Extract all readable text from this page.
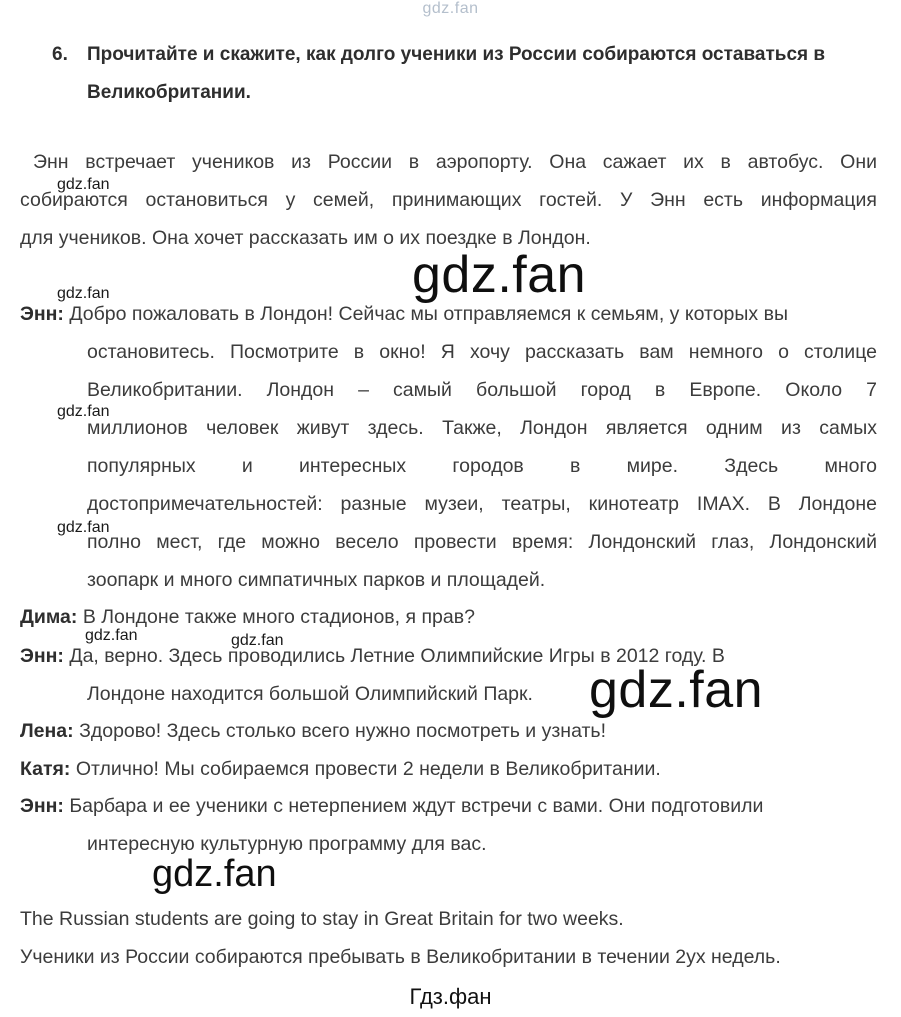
gdz.fan
6. Прочитайте и скажите, как долго ученики из России собираются оставаться в Великобритании.
Энн встречает учеников из России в аэропорту. Она сажает их в автобус. Они
собираются остановиться у семей, принимающих гостей. У Энн есть информация
для учеников. Она хочет рассказать им о их поездке в Лондон.
Энн: Добро пожаловать в Лондон! Сейчас мы отправляемся к семьям, у которых вы
остановитесь. Посмотрите в окно! Я хочу рассказать вам немного о столице
Великобритании. Лондон – самый большой город в Европе. Около 7
миллионов человек живут здесь. Также, Лондон является одним из самых
популярных и интересных городов в мире. Здесь много
достопримечательностей: разные музеи, театры, кинотеатр IMAX. В Лондоне
полно мест, где можно весело провести время: Лондонский глаз, Лондонский
зоопарк и много симпатичных парков и площадей.
Дима: В Лондоне также много стадионов, я прав?
Энн: Да, верно. Здесь проводились Летние Олимпийские Игры в 2012 году. В
Лондоне находится большой Олимпийский Парк.
Лена: Здорово! Здесь столько всего нужно посмотреть и узнать!
Катя: Отлично! Мы собираемся провести 2 недели в Великобритании.
Энн: Барбара и ее ученики с нетерпением ждут встречи с вами. Они подготовили
интересную культурную программу для вас.
The Russian students are going to stay in Great Britain for two weeks.
Ученики из России собираются пребывать в Великобритании в течении 2ух недель.
gdz.fan
gdz.fan
gdz.fan
gdz.fan
gdz.fan	gdz.fan
gdz.fan
gdz.fan
gdz.fan
Гдз.фан
